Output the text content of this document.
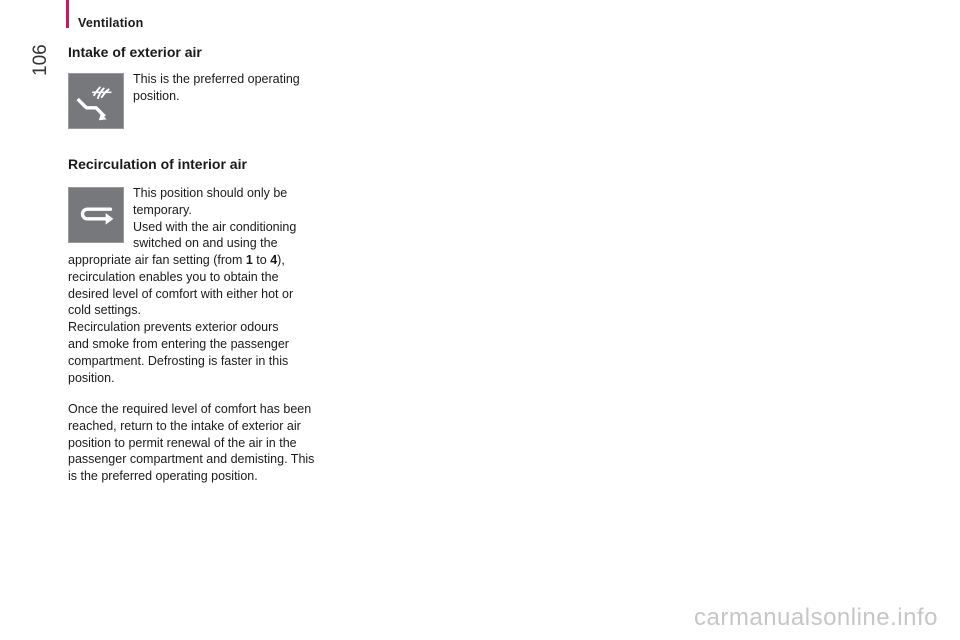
Ventilation
106 Intake of exterior air
This is the preferred operating
position.
Recirculation of interior air
This position should only be
temporary.
Used with the air conditioning
switched on and using the
appropriate air fan setting (from 1 to 4),
recirculation enables you to obtain the
desired level of comfort with either hot or
cold settings.
Recirculation prevents exterior odours
and smoke from entering the passenger
compartment. Defrosting is faster in this
position.
Once the required level of comfort has been
reached, return to the intake of exterior air
position to permit renewal of the air in the
passenger compartment and demisting. This
is the preferred operating position.
carmanualsonline.info
